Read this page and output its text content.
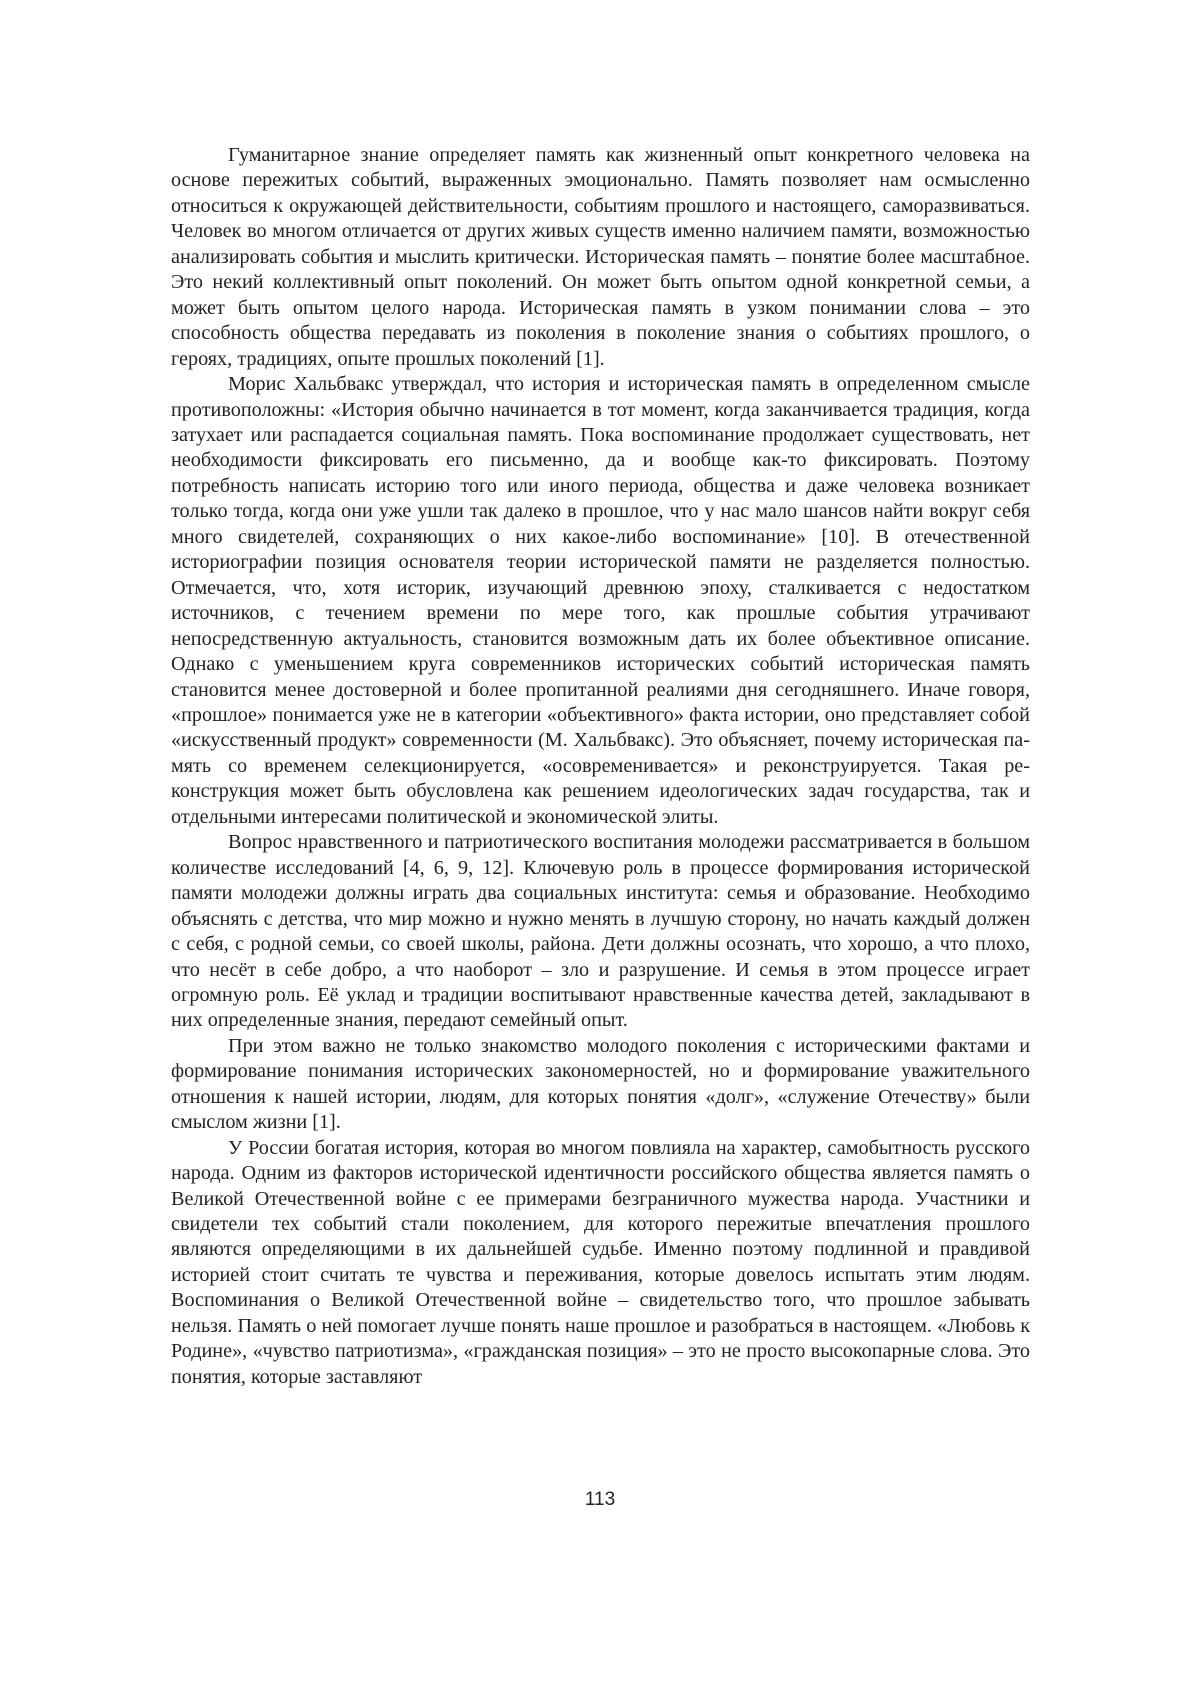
Гуманитарное знание определяет память как жизненный опыт конкретного человека на основе пережитых событий, выраженных эмоционально. Память позволяет нам осмысленно относиться к окружающей действительности, событиям прошлого и настоящего, саморазвиваться. Человек во многом отличается от других живых существ именно наличием памяти, возможностью анализировать события и мыслить критически. Историческая память – понятие более масштабное. Это некий коллективный опыт поколений. Он может быть опытом одной конкретной семьи, а может быть опытом целого народа. Историческая память в узком понимании слова – это способность общества передавать из поколения в поколение знания о событиях прошлого, о героях, традициях, опыте прошлых поколений [1].

Морис Хальбвакс утверждал, что история и историческая память в определенном смысле противоположны: «История обычно начинается в тот момент, когда заканчивается традиция, когда затухает или распадается социальная память. Пока воспоминание продолжает существовать, нет необходимости фиксировать его письменно, да и вообще как-то фиксировать. Поэтому потребность написать историю того или иного периода, общества и даже человека возникает только тогда, когда они уже ушли так далеко в прошлое, что у нас мало шансов найти вокруг себя много свидетелей, сохраняющих о них какое-либо воспоминание» [10]. В отечественной историографии позиция основателя теории исторической памяти не разделяется полностью. Отмечается, что, хотя историк, изучающий древнюю эпоху, сталкивается с недостатком источников, с течением времени по мере того, как прошлые события утрачивают непосредственную актуальность, становится возможным дать их более объективное описание. Однако с уменьшением круга современников исторических событий историческая память становится менее достоверной и более пропитанной реалиями дня сегодняшнего. Иначе говоря, «прошлое» понимается уже не в категории «объективного» факта истории, оно представляет собой «искусственный продукт» современности (М. Хальбвакс). Это объясняет, почему историческая память со временем селекционируется, «осовременивается» и реконструируется. Такая реконструкция может быть обусловлена как решением идеологических задач государства, так и отдельными интересами политической и экономической элиты.

Вопрос нравственного и патриотического воспитания молодежи рассматривается в большом количестве исследований [4, 6, 9, 12]. Ключевую роль в процессе формирования исторической памяти молодежи должны играть два социальных института: семья и образование. Необходимо объяснять с детства, что мир можно и нужно менять в лучшую сторону, но начать каждый должен с себя, с родной семьи, со своей школы, района. Дети должны осознать, что хорошо, а что плохо, что несёт в себе добро, а что наоборот – зло и разрушение. И семья в этом процессе играет огромную роль. Её уклад и традиции воспитывают нравственные качества детей, закладывают в них определенные знания, передают семейный опыт.

При этом важно не только знакомство молодого поколения с историческими фактами и формирование понимания исторических закономерностей, но и формирование уважительного отношения к нашей истории, людям, для которых понятия «долг», «служение Отечеству» были смыслом жизни [1].

У России богатая история, которая во многом повлияла на характер, самобытность русского народа. Одним из факторов исторической идентичности российского общества является память о Великой Отечественной войне с ее примерами безграничного мужества народа. Участники и свидетели тех событий стали поколением, для которого пережитые впечатления прошлого являются определяющими в их дальнейшей судьбе. Именно поэтому подлинной и правдивой историей стоит считать те чувства и переживания, которые довелось испытать этим людям. Воспоминания о Великой Отечественной войне – свидетельство того, что прошлое забывать нельзя. Память о ней помогает лучше понять наше прошлое и разобраться в настоящем. «Любовь к Родине», «чувство патриотизма», «гражданская позиция» – это не просто высокопарные слова. Это понятия, которые заставляют

113
